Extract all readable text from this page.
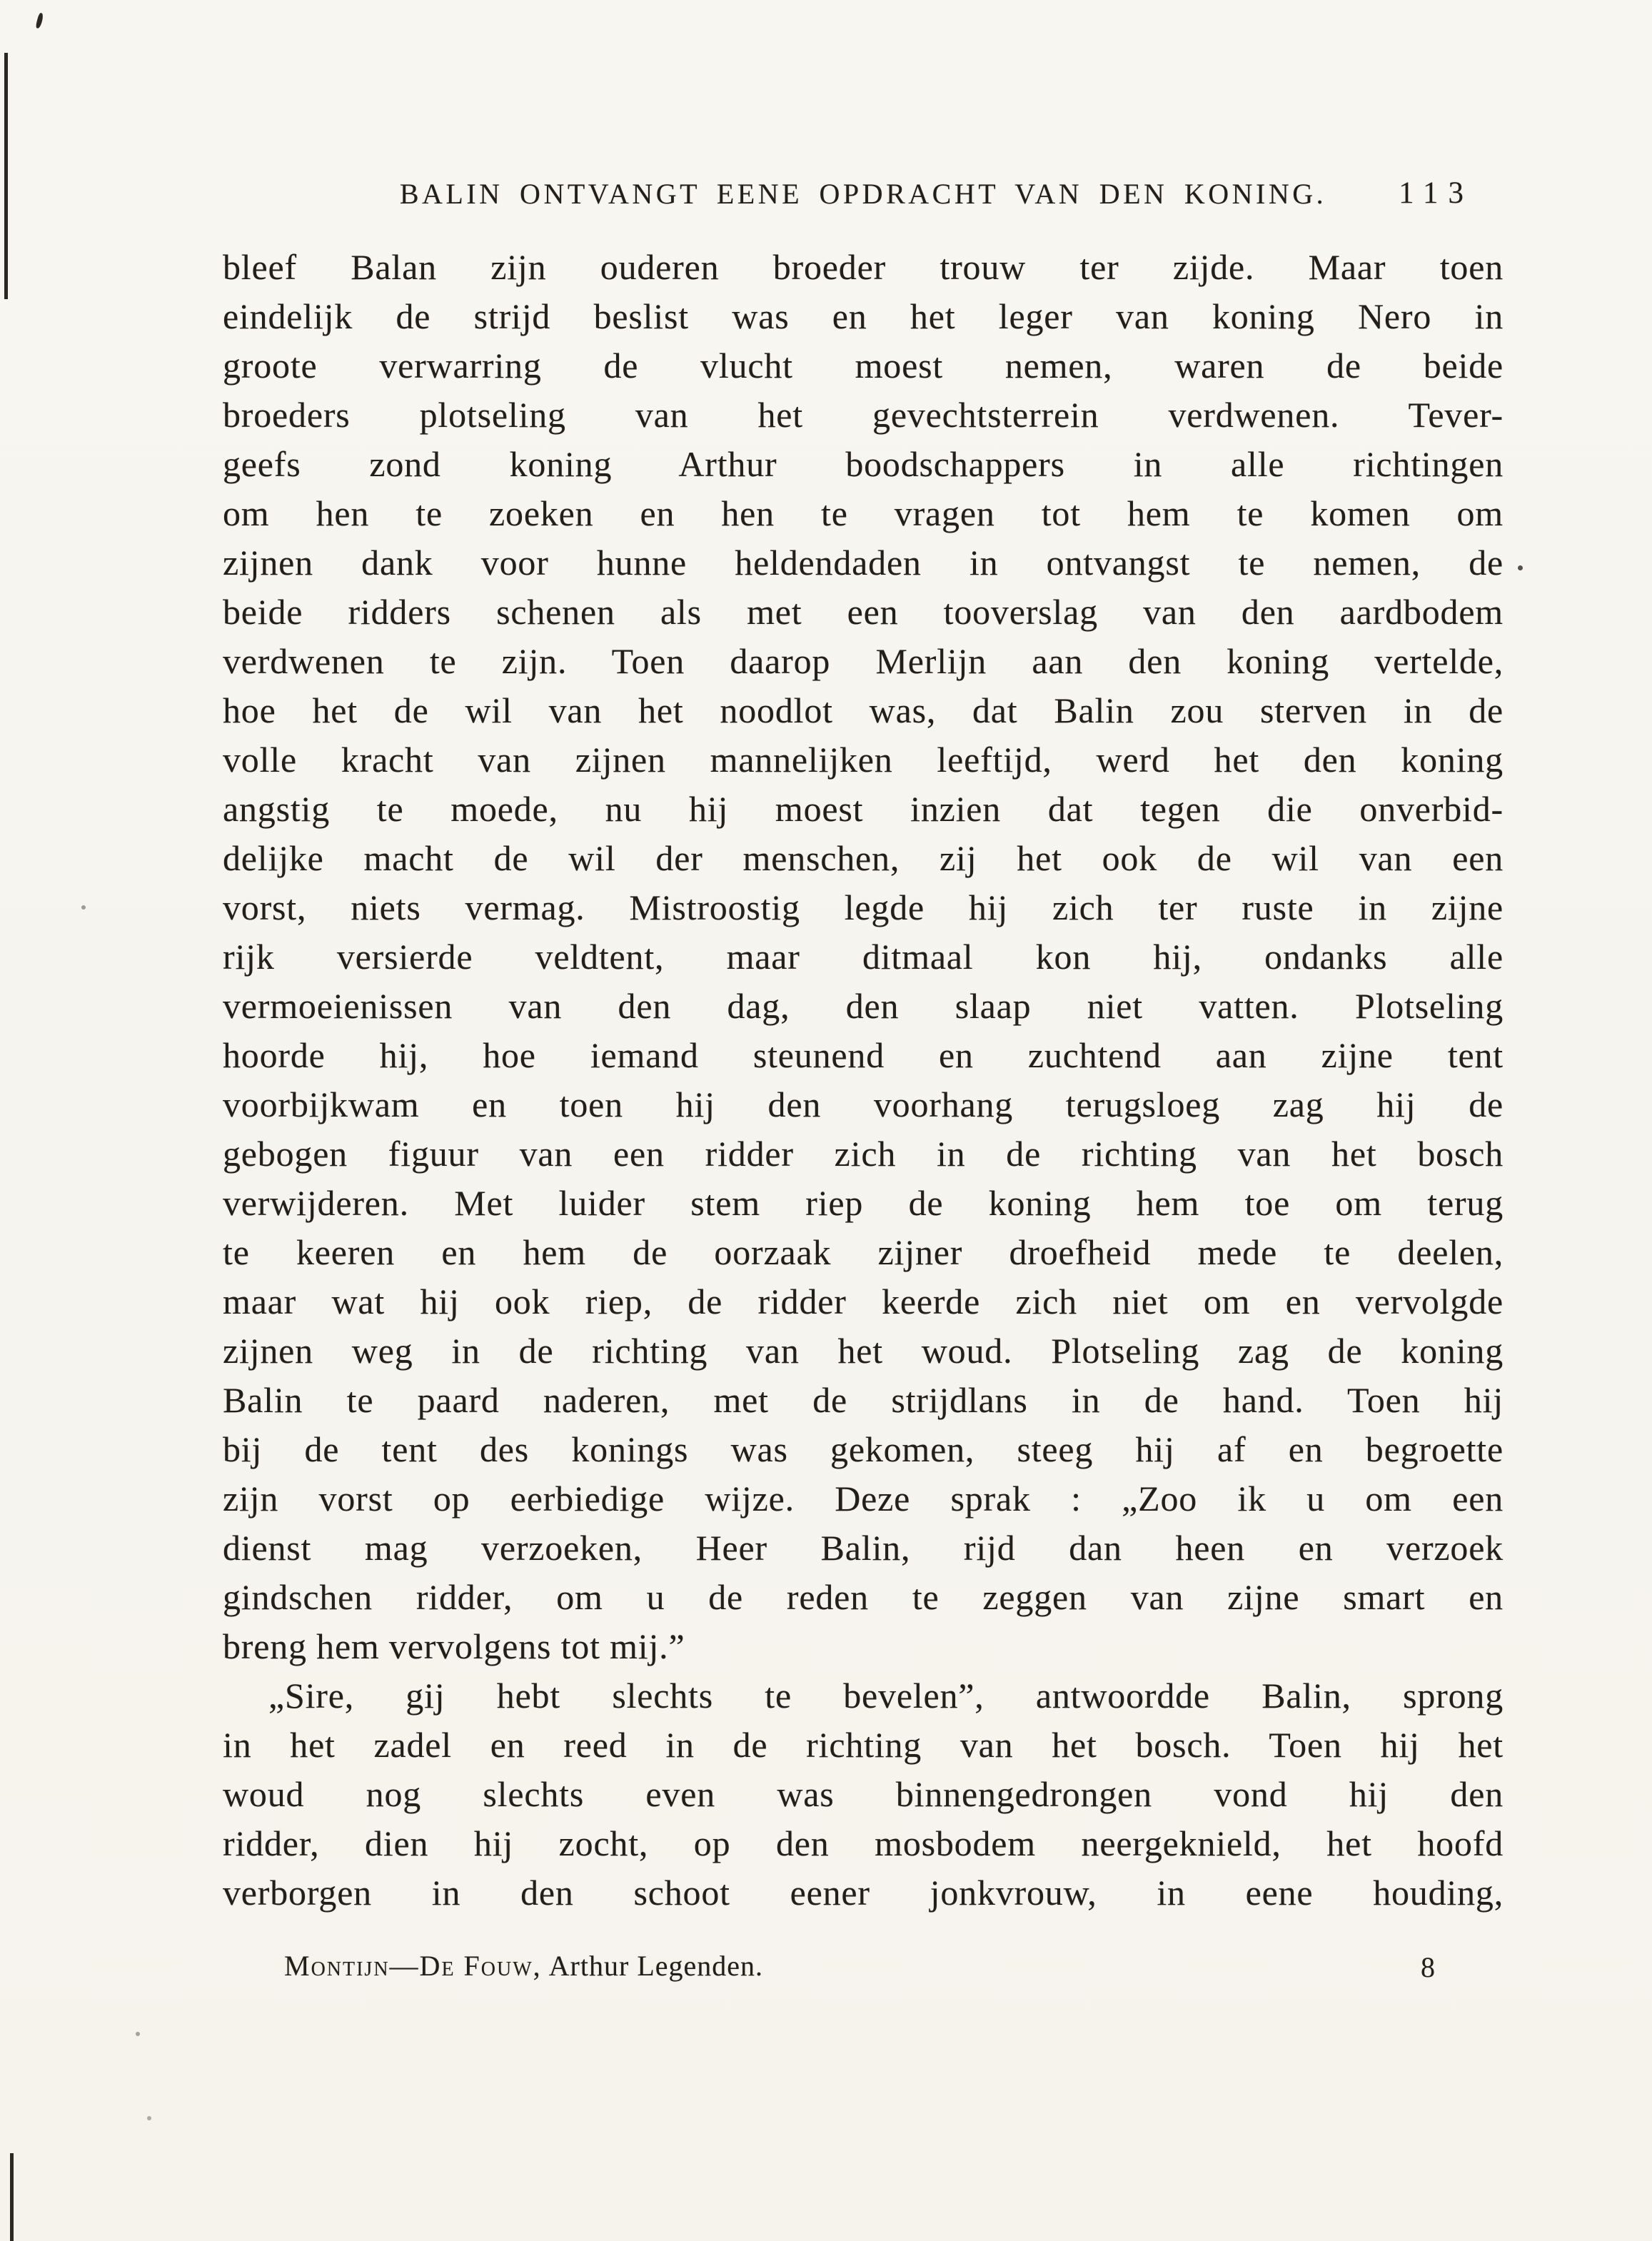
BALIN ONTVANGT EENE OPDRACHT VAN DEN KONING. 113
bleef Balan zijn ouderen broeder trouw ter zijde. Maar toen
eindelijk de strijd beslist was en het leger van koning Nero in
groote verwarring de vlucht moest nemen, waren de beide
broeders plotseling van het gevechtsterrein verdwenen. Tever-
geefs zond koning Arthur boodschappers in alle richtingen
om hen te zoeken en hen te vragen tot hem te komen om
zijnen dank voor hunne heldendaden in ontvangst te nemen, de
beide ridders schenen als met een tooverslag van den aardbodem
verdwenen te zijn. Toen daarop Merlijn aan den koning vertelde,
hoe het de wil van het noodlot was, dat Balin zou sterven in de
volle kracht van zijnen mannelijken leeftijd, werd het den koning
angstig te moede, nu hij moest inzien dat tegen die onverbid-
delijke macht de wil der menschen, zij het ook de wil van een
vorst, niets vermag. Mistroostig legde hij zich ter ruste in zijne
rijk versierde veldtent, maar ditmaal kon hij, ondanks alle
vermoeienissen van den dag, den slaap niet vatten. Plotseling
hoorde hij, hoe iemand steunend en zuchtend aan zijne tent
voorbijkwam en toen hij den voorhang terugsloeg zag hij de
gebogen figuur van een ridder zich in de richting van het bosch
verwijderen. Met luider stem riep de koning hem toe om terug
te keeren en hem de oorzaak zijner droefheid mede te deelen,
maar wat hij ook riep, de ridder keerde zich niet om en vervolgde
zijnen weg in de richting van het woud. Plotseling zag de koning
Balin te paard naderen, met de strijdlans in de hand. Toen hij
bij de tent des konings was gekomen, steeg hij af en begroette
zijn vorst op eerbiedige wijze. Deze sprak : „Zoo ik u om een
dienst mag verzoeken, Heer Balin, rijd dan heen en verzoek
gindschen ridder, om u de reden te zeggen van zijne smart en
breng hem vervolgens tot mij.”
„Sire, gij hebt slechts te bevelen”, antwoordde Balin, sprong
in het zadel en reed in de richting van het bosch. Toen hij het
woud nog slechts even was binnengedrongen vond hij den
ridder, dien hij zocht, op den mosbodem neergeknield, het hoofd
verborgen in den schoot eener jonkvrouw, in eene houding,
Montijn—De Fouw, Arthur Legenden.	8
